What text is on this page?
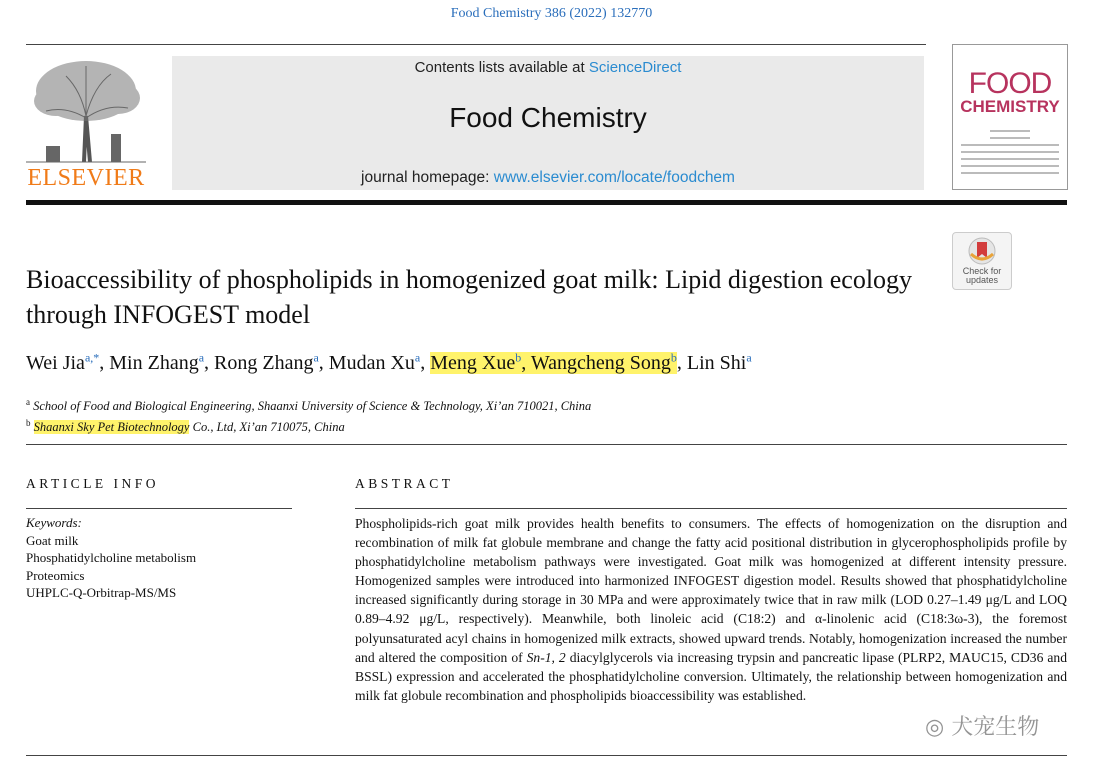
Food Chemistry 386 (2022) 132770
ELSEVIER
Contents lists available at ScienceDirect
Food Chemistry
journal homepage: www.elsevier.com/locate/foodchem
FOOD
CHEMISTRY
Check for
updates
Bioaccessibility of phospholipids in homogenized goat milk: Lipid digestion ecology through INFOGEST model
Wei Jia$^{a,*}$, Min Zhang$^a$, Rong Zhang$^a$, Mudan Xu$^a$, Meng Xue$^b$, Wangcheng Song$^b$, Lin Shi$^a$
$^a$ School of Food and Biological Engineering, Shaanxi University of Science & Technology, Xi’an 710021, China
$^b$ Shaanxi Sky Pet Biotechnology Co., Ltd, Xi’an 710075, China
ARTICLE INFO	ABSTRACT
Keywords:
Goat milk
Phosphatidylcholine metabolism
Proteomics
UHPLC-Q-Orbitrap-MS/MS
Phospholipids-rich goat milk provides health benefits to consumers. The effects of homogenization on the disruption and recombination of milk fat globule membrane and change the fatty acid positional distribution in glycerophospholipids profile by phosphatidylcholine metabolism pathways were investigated. Goat milk was homogenized at different intensity pressure. Homogenized samples were introduced into harmonized INFOGEST digestion model. Results showed that phosphatidylcholine increased significantly during storage in 30 MPa and were approximately twice that in raw milk (LOD 0.27–1.49 μg/L and LOQ 0.89–4.92 μg/L, respectively). Meanwhile, both linoleic acid (C18:2) and α-linolenic acid (C18:3ω-3), the foremost polyunsaturated acyl chains in homogenized milk extracts, showed upward trends. Notably, homogenization increased the number and altered the composition of Sn-1, 2 diacylglycerols via increasing trypsin and pancreatic lipase (PLRP2, MAUC15, CD36 and BSSL) expression and accelerated the phosphatidylcholine conversion. Ultimately, the relationship between homogenization and milk fat globule recombination and phospholipids bioaccessibility was established.
◎ 犬宠生物
